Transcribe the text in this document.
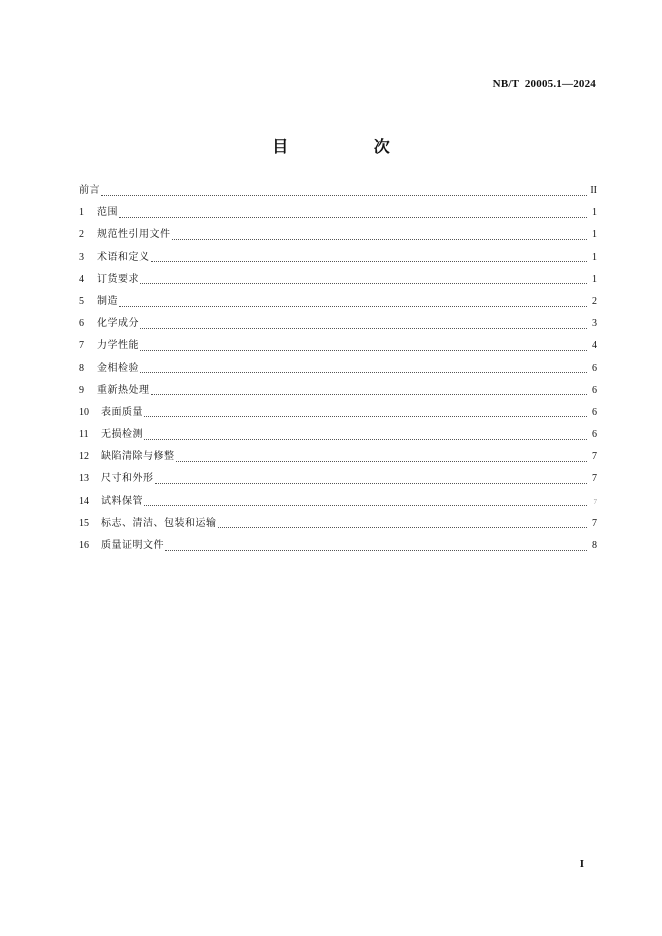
NB/T  20005.1—2024
目 次
前言	II
1	范围	1
2	规范性引用文件	1
3	术语和定义	1
4	订货要求	1
5	制造	2
6	化学成分	3
7	力学性能	4
8	金相检验	6
9	重新热处理	6
10	表面质量	6
11	无损检测	6
12	缺陷清除与修整	7
13	尺寸和外形	7
14	试料保管	7
15	标志、清洁、包装和运输	7
16	质量证明文件	8
I
